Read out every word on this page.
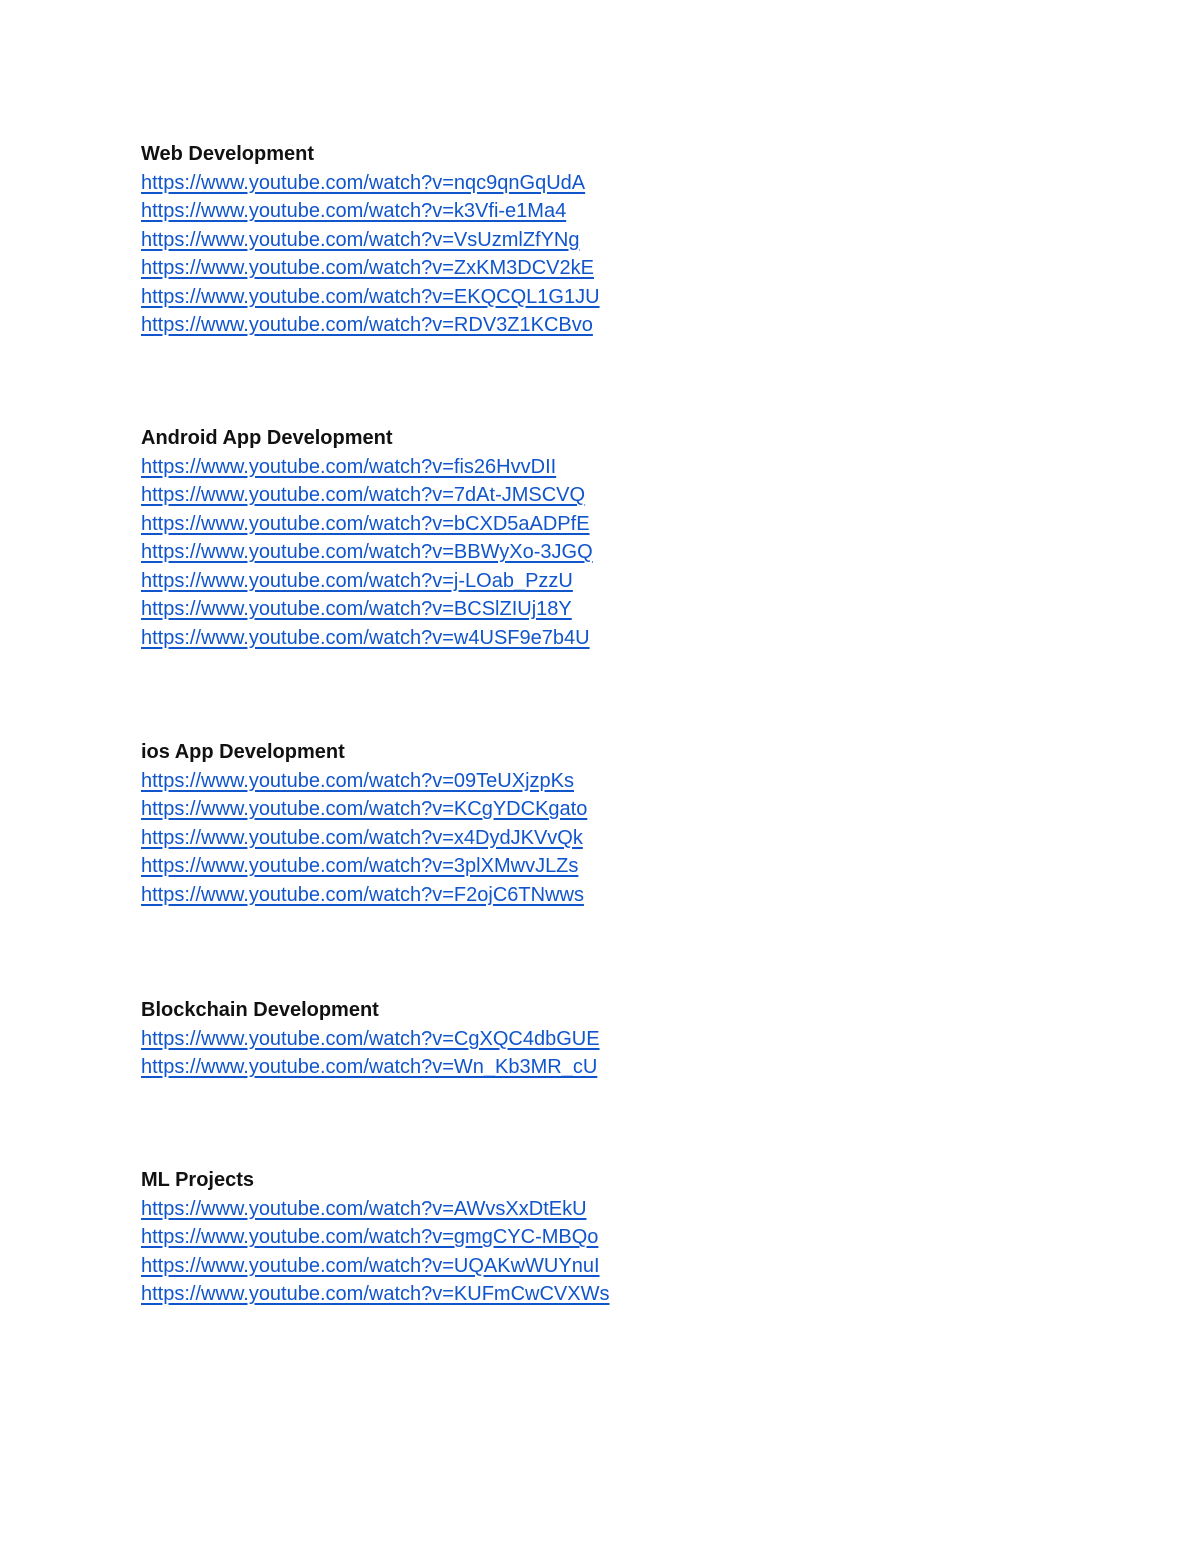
Web Development
https://www.youtube.com/watch?v=nqc9qnGqUdA
https://www.youtube.com/watch?v=k3Vfi-e1Ma4
https://www.youtube.com/watch?v=VsUzmlZfYNg
https://www.youtube.com/watch?v=ZxKM3DCV2kE
https://www.youtube.com/watch?v=EKQCQL1G1JU
https://www.youtube.com/watch?v=RDV3Z1KCBvo
Android App Development
https://www.youtube.com/watch?v=fis26HvvDII
https://www.youtube.com/watch?v=7dAt-JMSCVQ
https://www.youtube.com/watch?v=bCXD5aADPfE
https://www.youtube.com/watch?v=BBWyXo-3JGQ
https://www.youtube.com/watch?v=j-LOab_PzzU
https://www.youtube.com/watch?v=BCSlZIUj18Y
https://www.youtube.com/watch?v=w4USF9e7b4U
ios App Development
https://www.youtube.com/watch?v=09TeUXjzpKs
https://www.youtube.com/watch?v=KCgYDCKgato
https://www.youtube.com/watch?v=x4DydJKVvQk
https://www.youtube.com/watch?v=3plXMwvJLZs
https://www.youtube.com/watch?v=F2ojC6TNwws
Blockchain Development
https://www.youtube.com/watch?v=CgXQC4dbGUE
https://www.youtube.com/watch?v=Wn_Kb3MR_cU
ML Projects
https://www.youtube.com/watch?v=AWvsXxDtEkU
https://www.youtube.com/watch?v=gmgCYC-MBQo
https://www.youtube.com/watch?v=UQAKwWUYnuI
https://www.youtube.com/watch?v=KUFmCwCVXWs
